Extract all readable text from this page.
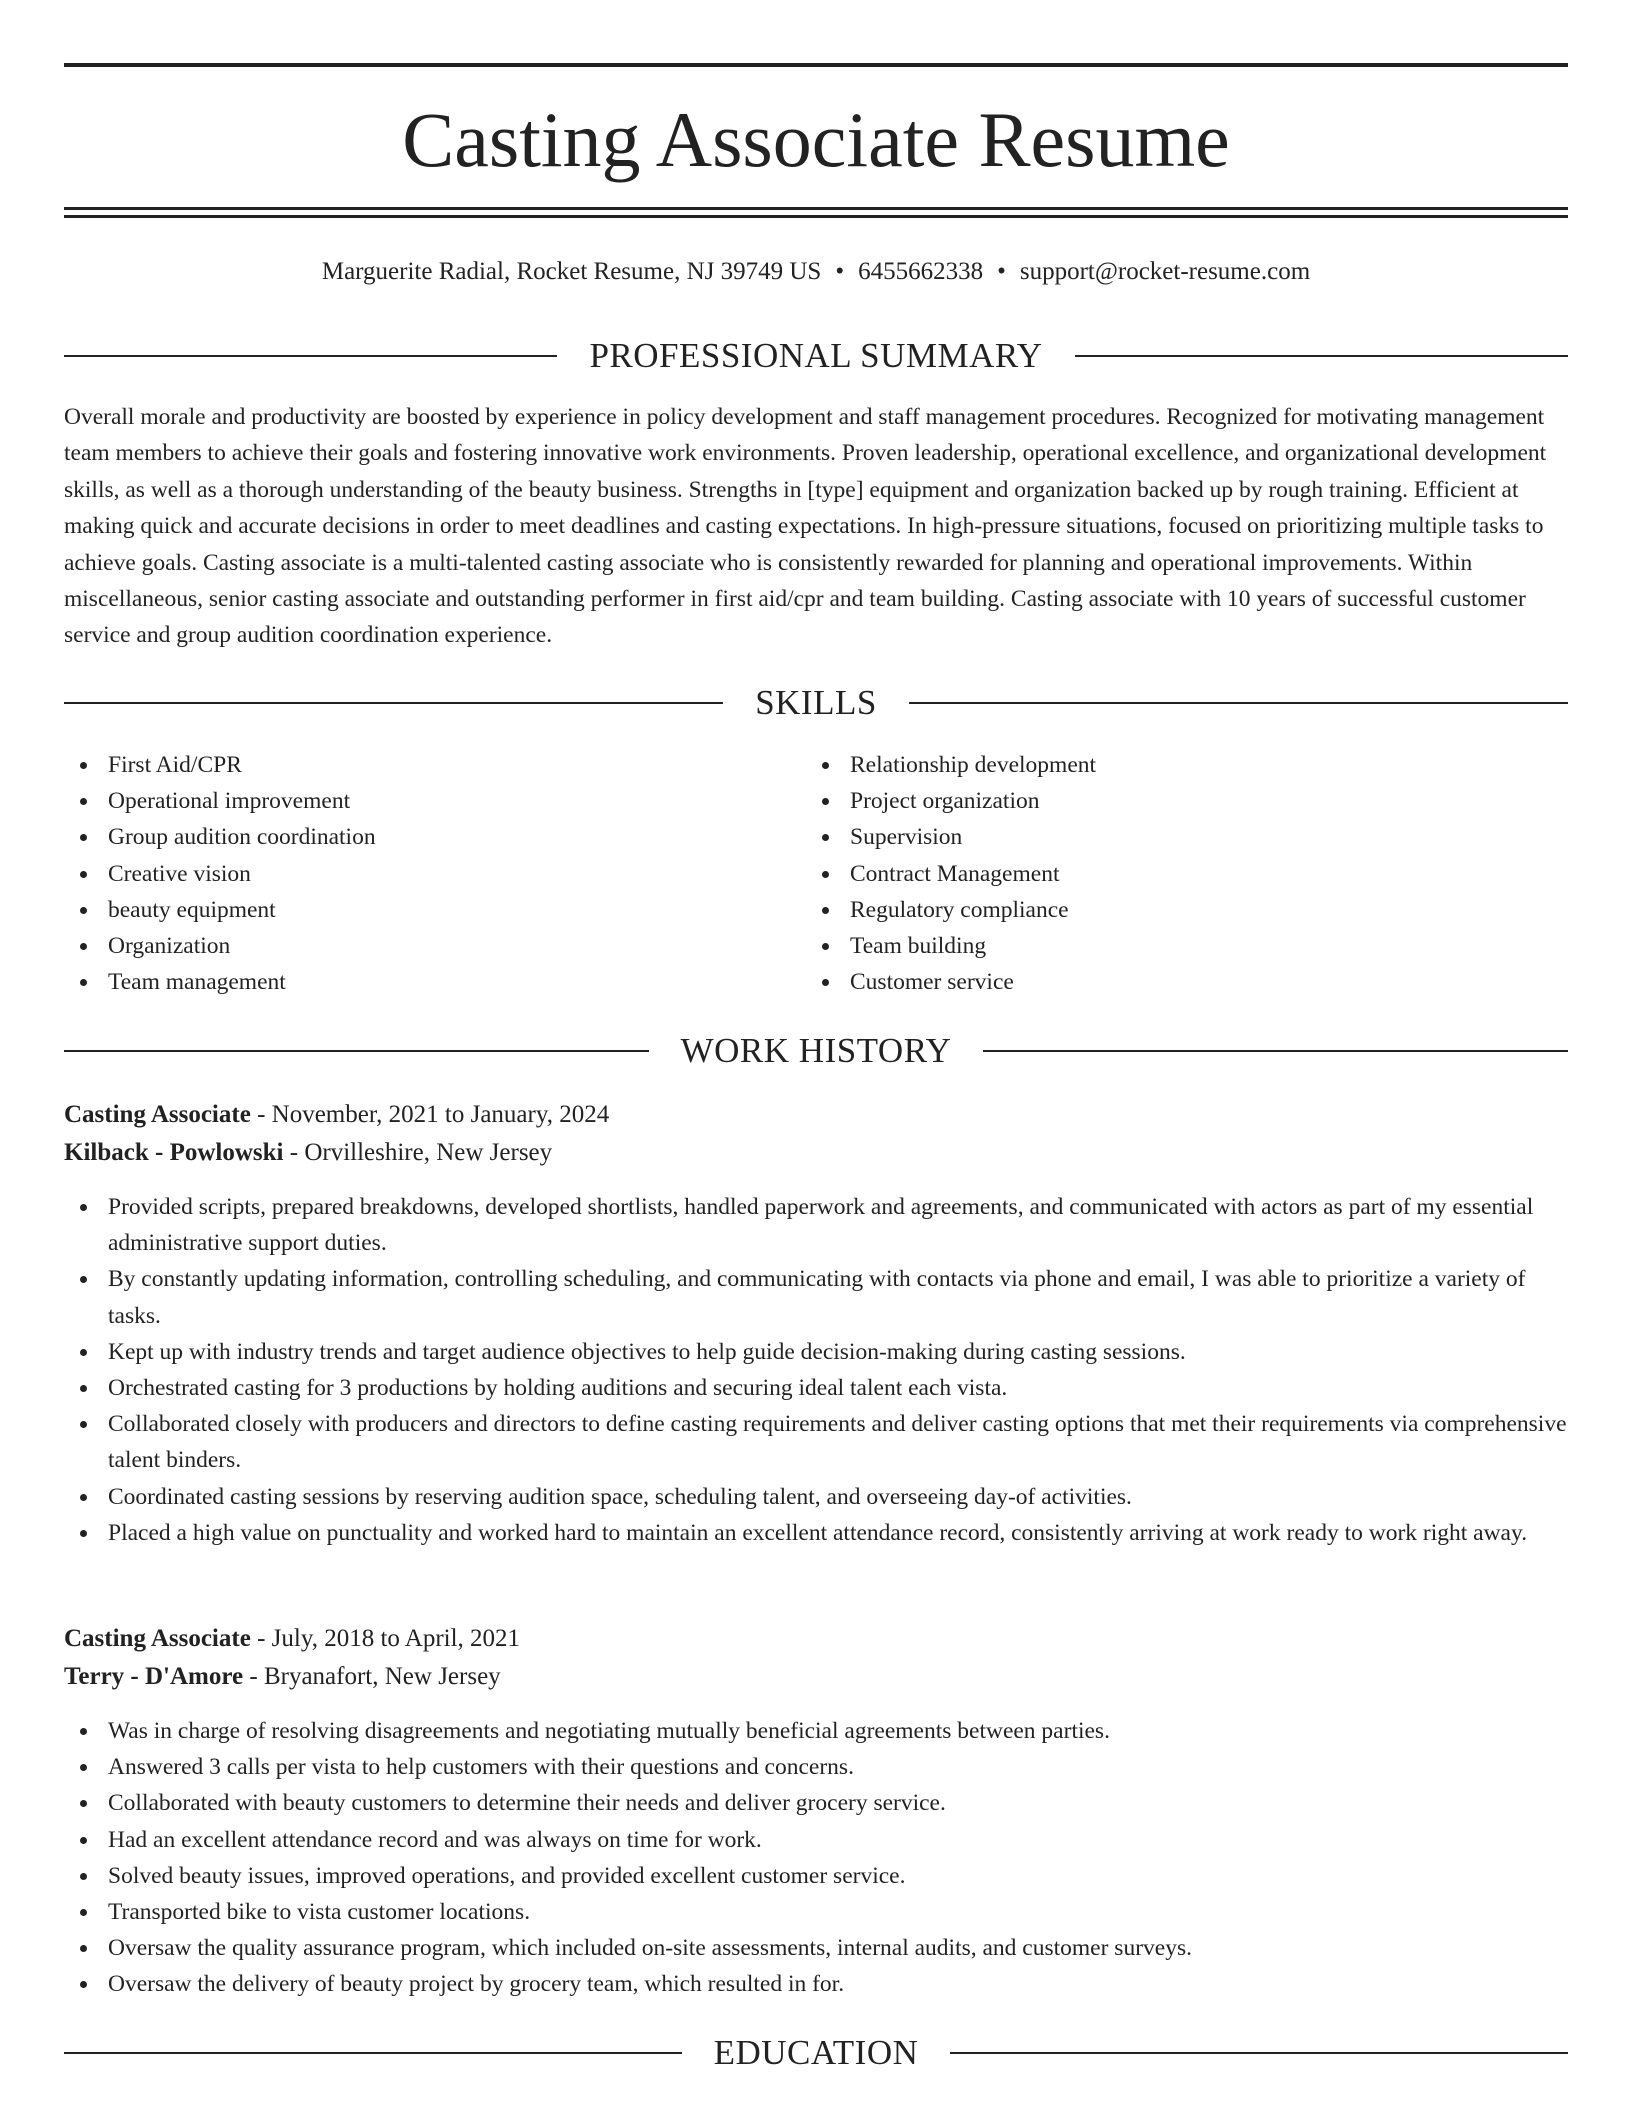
Casting Associate Resume
Marguerite Radial, Rocket Resume, NJ 39749 US • 6455662338 • support@rocket-resume.com
PROFESSIONAL SUMMARY

Overall morale and productivity are boosted by experience in policy development and staff management procedures. Recognized for motivating management team members to achieve their goals and fostering innovative work environments. Proven leadership, operational excellence, and organizational development skills, as well as a thorough understanding of the beauty business. Strengths in [type] equipment and organization backed up by rough training. Efficient at making quick and accurate decisions in order to meet deadlines and casting expectations. In high-pressure situations, focused on prioritizing multiple tasks to achieve goals. Casting associate is a multi-talented casting associate who is consistently rewarded for planning and operational improvements. Within miscellaneous, senior casting associate and outstanding performer in first aid/cpr and team building. Casting associate with 10 years of successful customer service and group audition coordination experience.

SKILLS
First Aid/CPR
Operational improvement
Group audition coordination
Creative vision
beauty equipment
Organization
Team management
Relationship development
Project organization
Supervision
Contract Management
Regulatory compliance
Team building
Customer service
WORK HISTORY
Casting Associate - November, 2021 to January, 2024
Kilback - Powlowski - Orvilleshire, New Jersey
Provided scripts, prepared breakdowns, developed shortlists, handled paperwork and agreements, and communicated with actors as part of my essential administrative support duties.
By constantly updating information, controlling scheduling, and communicating with contacts via phone and email, I was able to prioritize a variety of tasks.
Kept up with industry trends and target audience objectives to help guide decision-making during casting sessions.
Orchestrated casting for 3 productions by holding auditions and securing ideal talent each vista.
Collaborated closely with producers and directors to define casting requirements and deliver casting options that met their requirements via comprehensive talent binders.
Coordinated casting sessions by reserving audition space, scheduling talent, and overseeing day-of activities.
Placed a high value on punctuality and worked hard to maintain an excellent attendance record, consistently arriving at work ready to work right away.
Casting Associate - July, 2018 to April, 2021
Terry - D'Amore - Bryanafort, New Jersey
Was in charge of resolving disagreements and negotiating mutually beneficial agreements between parties.
Answered 3 calls per vista to help customers with their questions and concerns.
Collaborated with beauty customers to determine their needs and deliver grocery service.
Had an excellent attendance record and was always on time for work.
Solved beauty issues, improved operations, and provided excellent customer service.
Transported bike to vista customer locations.
Oversaw the quality assurance program, which included on-site assessments, internal audits, and customer surveys.
Oversaw the delivery of beauty project by grocery team, which resulted in for.
EDUCATION
